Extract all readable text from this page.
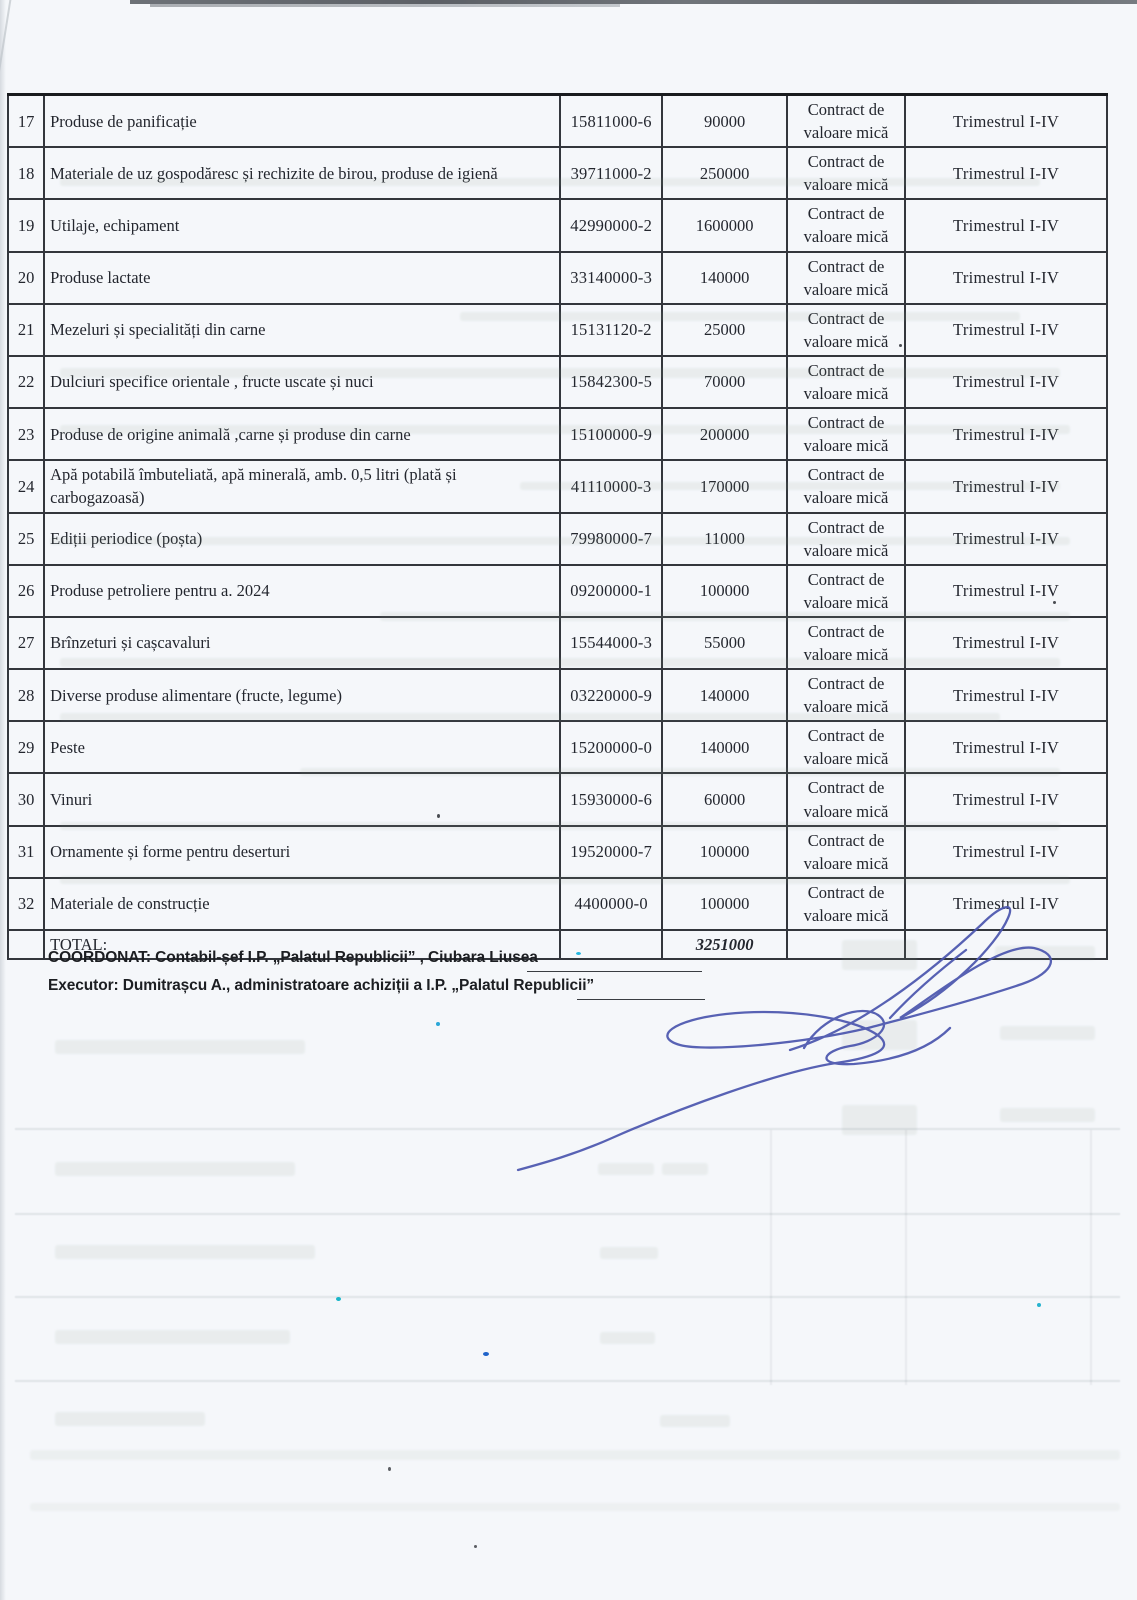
17	Produse de panificație	15811000-6	90000	Contract de valoare mică	Trimestrul I-IV
18	Materiale de uz gospodăresc și rechizite de birou, produse de igienă	39711000-2	250000	Contract de valoare mică	Trimestrul I-IV
19	Utilaje, echipament	42990000-2	1600000	Contract de valoare mică	Trimestrul I-IV
20	Produse lactate	33140000-3	140000	Contract de valoare mică	Trimestrul I-IV
21	Mezeluri și specialități din carne	15131120-2	25000	Contract de valoare mică	Trimestrul I-IV
22	Dulciuri specifice orientale , fructe uscate și nuci	15842300-5	70000	Contract de valoare mică	Trimestrul I-IV
23	Produse de origine animală ,carne și produse din carne	15100000-9	200000	Contract de valoare mică	Trimestrul I-IV
24	Apă potabilă îmbuteliată, apă minerală, amb. 0,5 litri (plată și carbogazoasă)	41110000-3	170000	Contract de valoare mică	Trimestrul I-IV
25	Ediții periodice (poșta)	79980000-7	11000	Contract de valoare mică	Trimestrul I-IV
26	Produse petroliere pentru a. 2024	09200000-1	100000	Contract de valoare mică	Trimestrul I-IV
27	Brînzeturi și cașcavaluri	15544000-3	55000	Contract de valoare mică	Trimestrul I-IV
28	Diverse produse alimentare (fructe, legume)	03220000-9	140000	Contract de valoare mică	Trimestrul I-IV
29	Peste	15200000-0	140000	Contract de valoare mică	Trimestrul I-IV
30	Vinuri	15930000-6	60000	Contract de valoare mică	Trimestrul I-IV
31	Ornamente și forme pentru deserturi	19520000-7	100000	Contract de valoare mică	Trimestrul I-IV
32	Materiale de construcție	4400000-0	100000	Contract de valoare mică	Trimestrul I-IV
	TOTAL:		3251000		
COORDONAT: Contabil-șef I.P. „Palatul Republicii” , Ciubara Liusea
Executor: Dumitrașcu A., administratoare achiziții a I.P. „Palatul Republicii”
